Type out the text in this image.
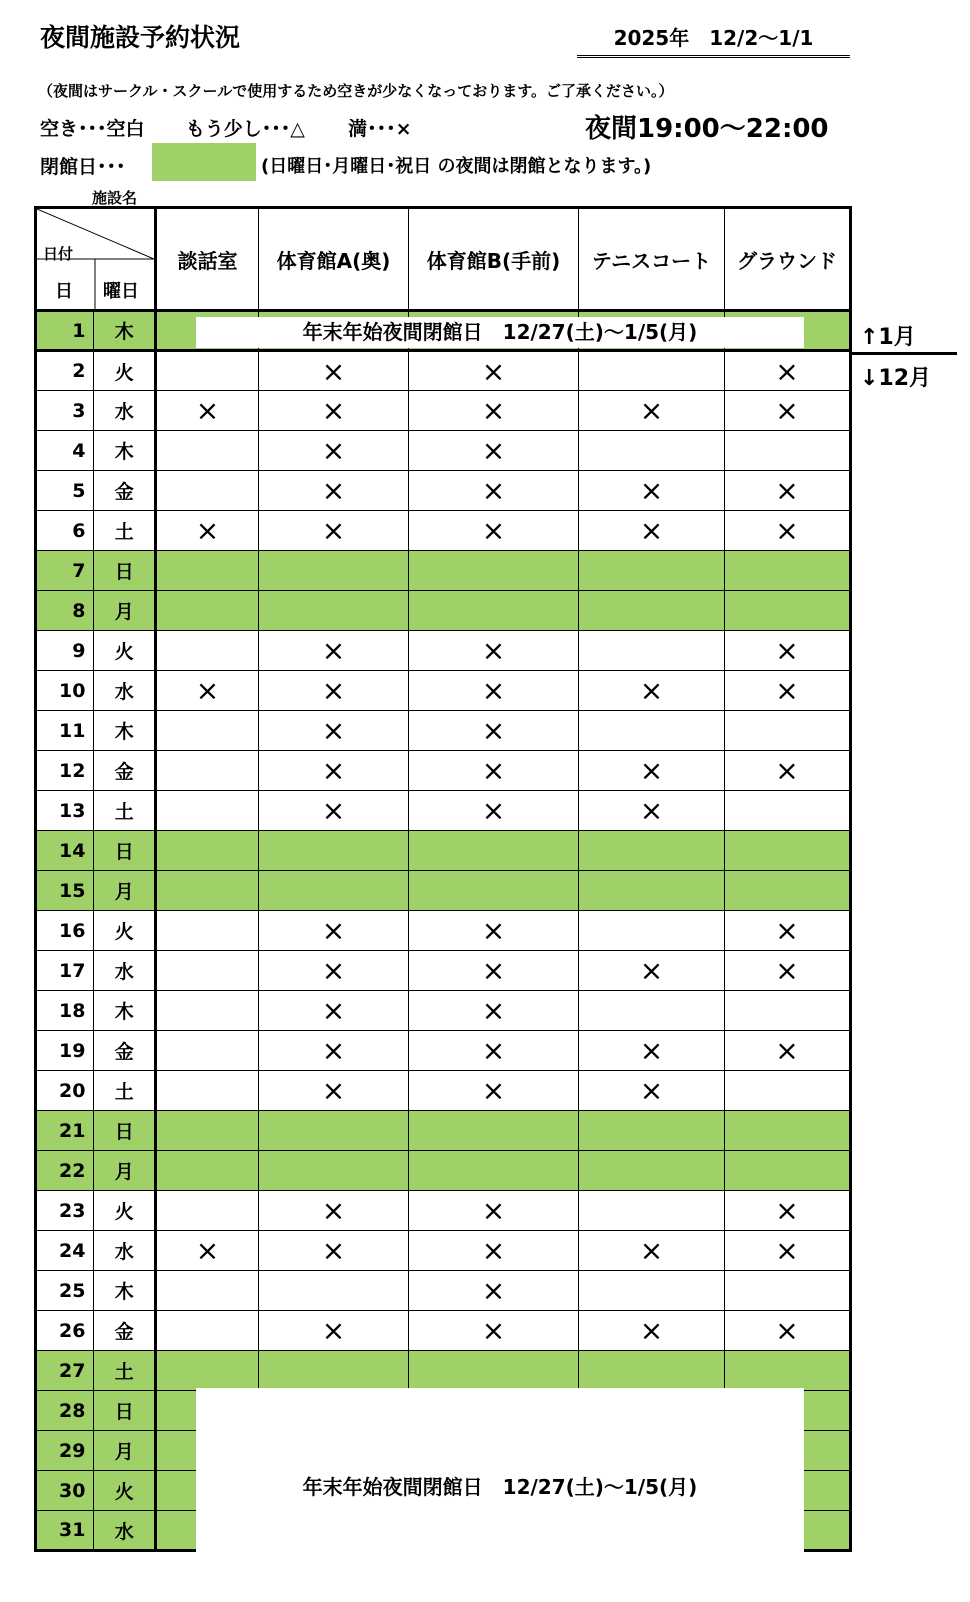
夜間施設予約状況	2025年　12/2～1/1
（夜間はサークル・スクールで使用するため空きが少なくなっております。ご了承ください。）
空き･･･空白 もう少し･･･△ 満･･･×	夜間19:00～22:00
閉館日･･･	(日曜日･月曜日･祝日 の夜間は閉館となります。)
施設名
日付
日 曜日		談話室	体育館A(奥)	体育館B(手前)	テニスコート	グラウンド
1	木					
2	火		×	×		×
3	水	×	×	×	×	×
4	木		×	×		
5	金		×	×	×	×
6	土	×	×	×	×	×
7	日					
8	月					
9	火		×	×		×
10	水	×	×	×	×	×
11	木		×	×		
12	金		×	×	×	×
13	土		×	×	×	
14	日					
15	月					
16	火		×	×		×
17	水		×	×	×	×
18	木		×	×		
19	金		×	×	×	×
20	土		×	×	×	
21	日					
22	月					
23	火		×	×		×
24	水	×	×	×	×	×
25	木			×		
26	金		×	×	×	×
27	土					
28	日					
29	月					
30	火					
31	水					
年末年始夜間閉館日　12/27(土)～1/5(月)
年末年始夜間閉館日　12/27(土)～1/5(月)
↑1月
↓12月
